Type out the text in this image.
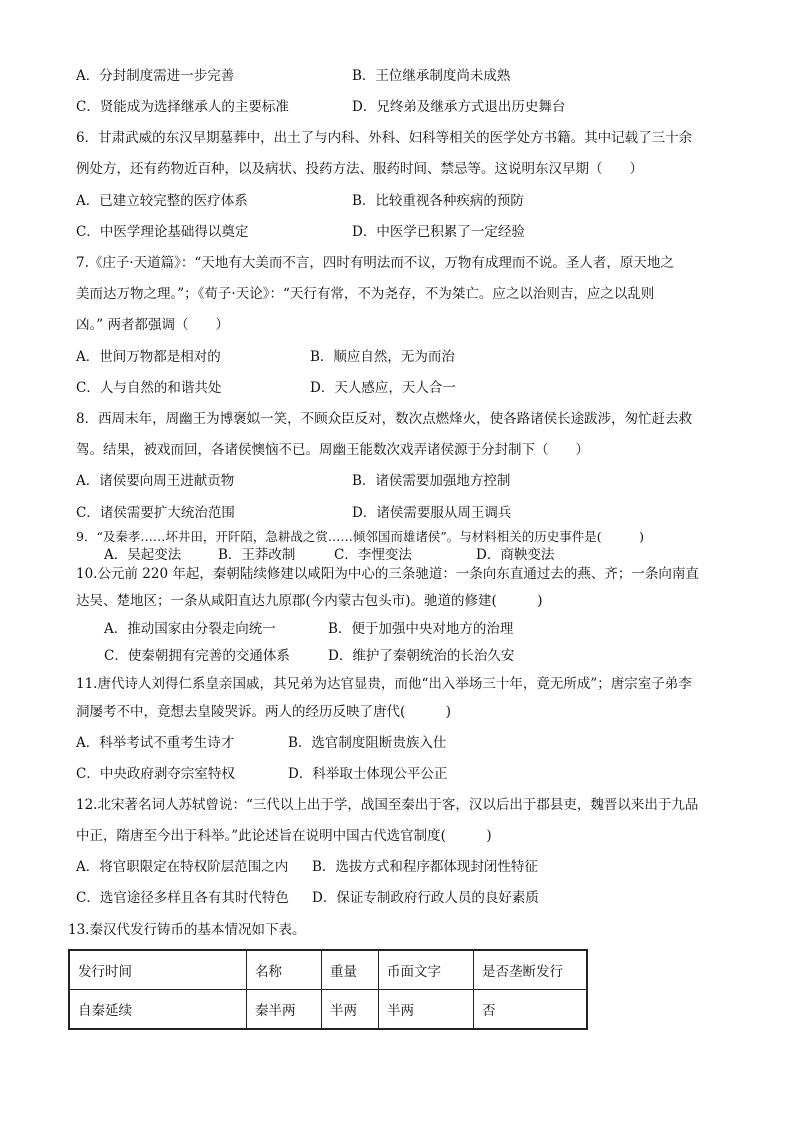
A．分封制度需进一步完善	B．王位继承制度尚未成熟
C．贤能成为选择继承人的主要标准	D．兄终弟及继承方式退出历史舞台
6．甘肃武威的东汉早期墓葬中，出土了与内科、外科、妇科等相关的医学处方书籍。其中记载了三十余
例处方，还有药物近百种，以及病状、投药方法、服药时间、禁忌等。这说明东汉早期（　　）
A．已建立较完整的医疗体系	B．比较重视各种疾病的预防
C．中医学理论基础得以奠定	D．中医学已积累了一定经验
7.《庄子·天道篇》：“天地有大美而不言，四时有明法而不议，万物有成理而不说。圣人者，原天地之
美而达万物之理。”；《荀子·天论》：“天行有常，不为尧存，不为桀亡。应之以治则吉，应之以乱则
凶。” 两者都强调（　　）
A．世间万物都是相对的	B．顺应自然，无为而治
C．人与自然的和谐共处	D．天人感应，天人合一
8．西周末年，周幽王为博褒姒一笑，不顾众臣反对，数次点燃烽火，使各路诸侯长途跋涉，匆忙赶去救
驾。结果，被戏而回，各诸侯懊恼不已。周幽王能数次戏弄诸侯源于分封制下（　　）
A．诸侯要向周王进献贡物	B．诸侯需要加强地方控制
C．诸侯需要扩大统治范围	D．诸侯需要服从周王调兵
9．“及秦孝……坏井田，开阡陌，急耕战之赏……倾邻国而雄诸侯”。与材料相关的历史事件是(　　　)
A．吴起变法	B．王莽改制	C．李悝变法	D．商鞅变法
10.公元前 220 年起，秦朝陆续修建以咸阳为中心的三条驰道：一条向东直通过去的燕、齐；一条向南直
达吴、楚地区；一条从咸阳直达九原郡(今内蒙古包头市)。驰道的修建(　　　)
A．推动国家由分裂走向统一	B．便于加强中央对地方的治理
C．使秦朝拥有完善的交通体系	D．维护了秦朝统治的长治久安
11.唐代诗人刘得仁系皇亲国戚，其兄弟为达官显贵，而他“出入举场三十年，竟无所成”；唐宗室子弟李
洞屡考不中，竟想去皇陵哭诉。两人的经历反映了唐代(　　　)
A．科举考试不重考生诗才	B．选官制度阻断贵族入仕
C．中央政府剥夺宗室特权	D．科举取士体现公平公正
12.北宋著名词人苏轼曾说：“三代以上出于学，战国至秦出于客，汉以后出于郡县吏，魏晋以来出于九品
中正，隋唐至今出于科举。”此论述旨在说明中国古代选官制度(　　　)
A．将官职限定在特权阶层范围之内 B．选拔方式和程序都体现封闭性特征
C．选官途径多样且各有其时代特色 D．保证专制政府行政人员的良好素质
13.秦汉代发行铸币的基本情况如下表。
发行时间	名称	重量	币面文字	是否垄断发行
自秦延续	秦半两	半两	半两	否
